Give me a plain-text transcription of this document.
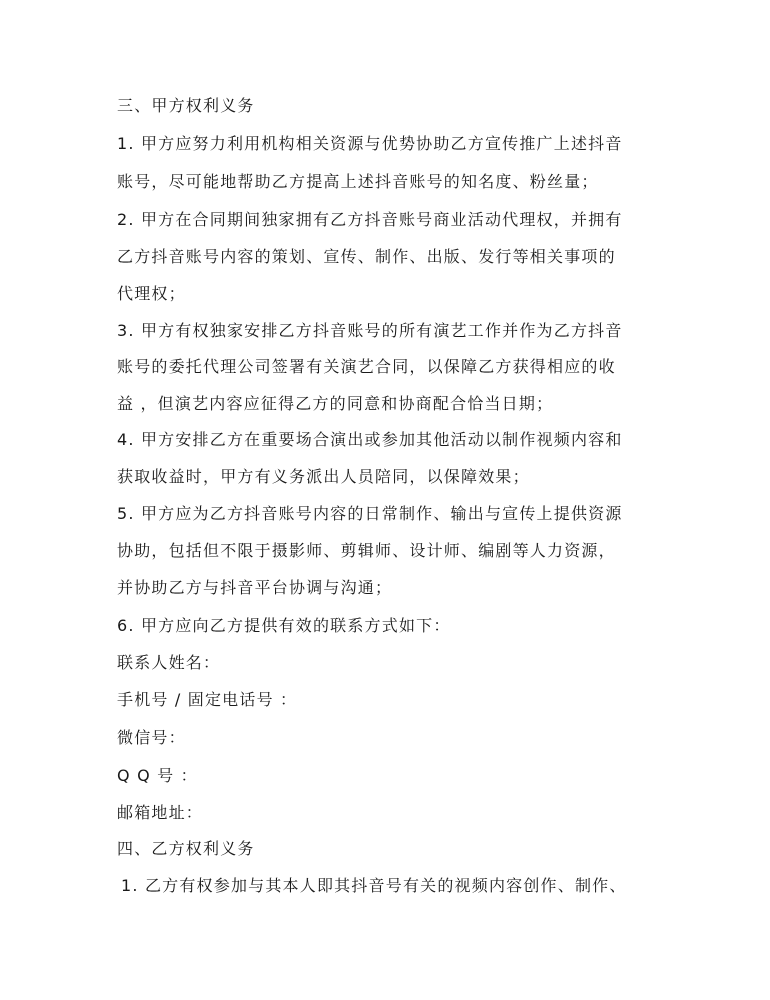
三、甲方权利义务
1. 甲方应努力利用机构相关资源与优势协助乙方宣传推广上述抖音
账号，尽可能地帮助乙方提高上述抖音账号的知名度、粉丝量；
2. 甲方在合同期间独家拥有乙方抖音账号商业活动代理权，并拥有
乙方抖音账号内容的策划、宣传、制作、出版、发行等相关事项的
代理权；
3. 甲方有权独家安排乙方抖音账号的所有演艺工作并作为乙方抖音
账号的委托代理公司签署有关演艺合同，以保障乙方获得相应的收
益 ，但演艺内容应征得乙方的同意和协商配合恰当日期；
4. 甲方安排乙方在重要场合演出或参加其他活动以制作视频内容和
获取收益时，甲方有义务派出人员陪同，以保障效果；
5. 甲方应为乙方抖音账号内容的日常制作、输出与宣传上提供资源
协助，包括但不限于摄影师、剪辑师、设计师、编剧等人力资源，
并协助乙方与抖音平台协调与沟通；
6. 甲方应向乙方提供有效的联系方式如下：
联系人姓名：
手机号 / 固定电话号 ：
微信号：
Q Q 号 ：
邮箱地址：
四、乙方权利义务
1. 乙方有权参加与其本人即其抖音号有关的视频内容创作、制作、
